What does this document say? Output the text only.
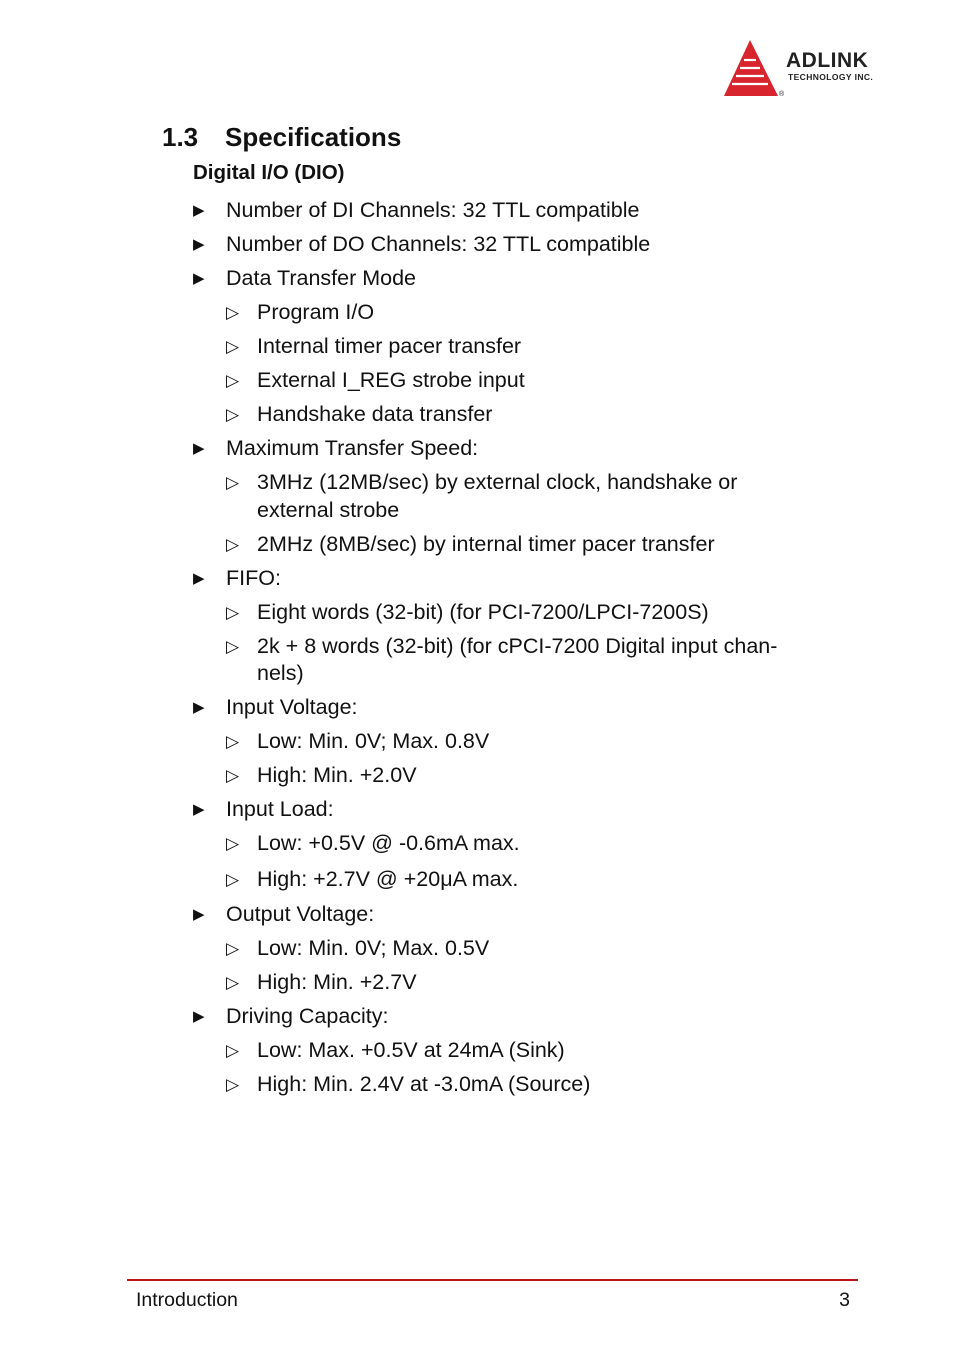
ADLINK
TECHNOLOGY INC.
®
1.3 Specifications
Digital I/O (DIO)
▶ Number of DI Channels: 32 TTL compatible
▶ Number of DO Channels: 32 TTL compatible
▶ Data Transfer Mode
▷ Program I/O
▷ Internal timer pacer transfer
▷ External I_REG strobe input
▷ Handshake data transfer
▶ Maximum Transfer Speed:
▷ 3MHz (12MB/sec) by external clock, handshake or
external strobe
▷ 2MHz (8MB/sec) by internal timer pacer transfer
▶ FIFO:
▷ Eight words (32-bit) (for PCI-7200/LPCI-7200S)
▷ 2k + 8 words (32-bit) (for cPCI-7200 Digital input chan-
nels)
▶ Input Voltage:
▷ Low: Min. 0V; Max. 0.8V
▷ High: Min. +2.0V
▶ Input Load:
▷ Low: +0.5V @ -0.6mA max.
▷ High: +2.7V @ +20μA max.
▶ Output Voltage:
▷ Low: Min. 0V; Max. 0.5V
▷ High: Min. +2.7V
▶ Driving Capacity:
▷ Low: Max. +0.5V at 24mA (Sink)
▷ High: Min. 2.4V at -3.0mA (Source)
Introduction	3
